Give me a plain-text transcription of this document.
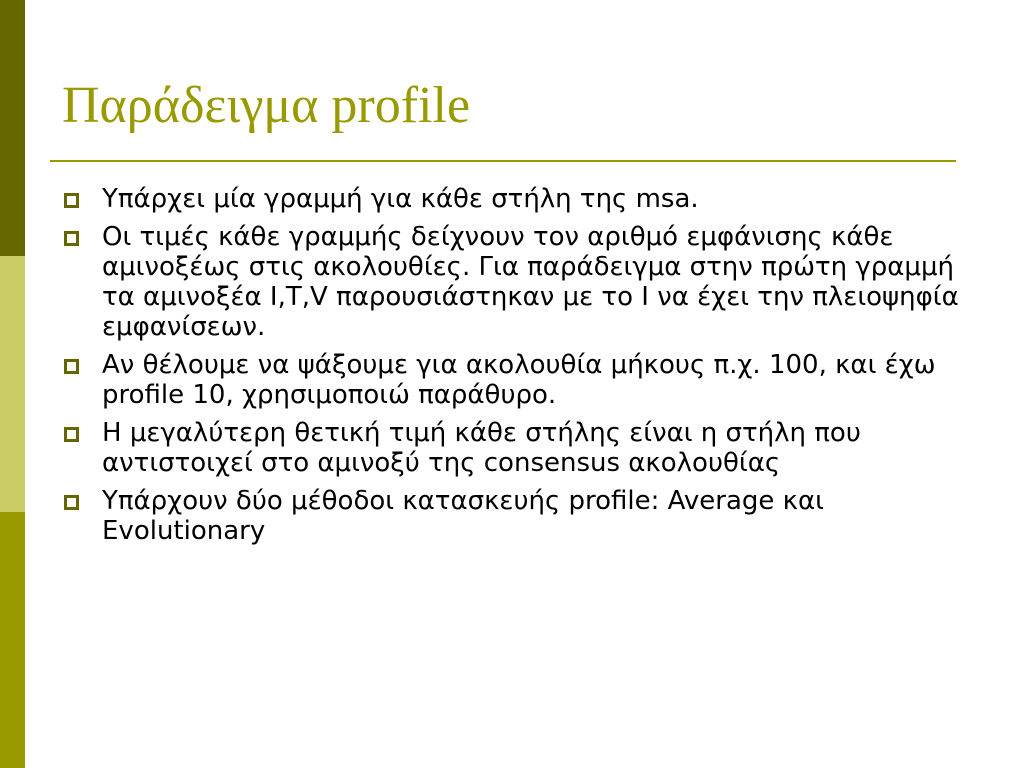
Παράδειγμα profile
Υπάρχει μία γραμμή για κάθε στήλη της msa.
Οι τιμές κάθε γραμμής δείχνουν τον αριθμό εμφάνισης κάθε αμινοξέως στις ακολουθίες. Για παράδειγμα στην πρώτη γραμμή τα αμινοξέα Ι,Τ,V παρουσιάστηκαν με το Ι να έχει την πλειοψηφία εμφανίσεων.
Αν θέλουμε να ψάξουμε για ακολουθία μήκους π.χ. 100, και έχω profile 10, χρησιμοποιώ παράθυρο.
Η μεγαλύτερη θετική τιμή κάθε στήλης είναι η στήλη που αντιστοιχεί στο αμινοξύ της consensus ακολουθίας
Υπάρχουν δύο μέθοδοι κατασκευής profile: Average και Evolutionary
